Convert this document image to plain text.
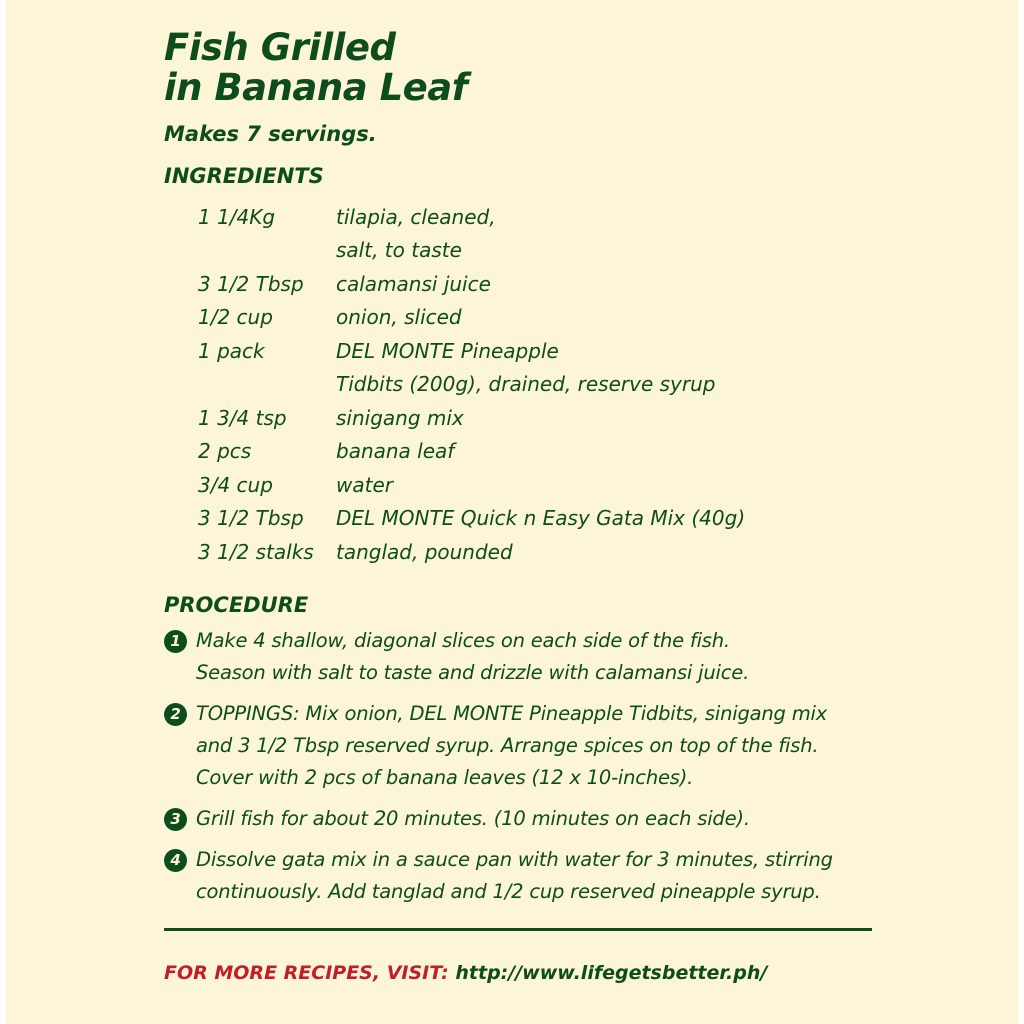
Fish Grilled
in Banana Leaf
Makes 7 servings.
INGREDIENTS
1 1/4Kg	tilapia, cleaned,
salt, to taste
3 1/2 Tbsp	calamansi juice
1/2 cup	onion, sliced
1 pack	DEL MONTE Pineapple
Tidbits (200g), drained, reserve syrup
1 3/4 tsp	sinigang mix
2 pcs	banana leaf
3/4 cup	water
3 1/2 Tbsp	DEL MONTE Quick n Easy Gata Mix (40g)
3 1/2 stalks	tanglad, pounded
PROCEDURE
1 Make 4 shallow, diagonal slices on each side of the fish.
Season with salt to taste and drizzle with calamansi juice.
2 TOPPINGS: Mix onion, DEL MONTE Pineapple Tidbits, sinigang mix
and 3 1/2 Tbsp reserved syrup. Arrange spices on top of the fish.
Cover with 2 pcs of banana leaves (12 x 10-inches).
3 Grill fish for about 20 minutes. (10 minutes on each side).
4 Dissolve gata mix in a sauce pan with water for 3 minutes, stirring
continuously. Add tanglad and 1/2 cup reserved pineapple syrup.
FOR MORE RECIPES, VISIT: http://www.lifegetsbetter.ph/
